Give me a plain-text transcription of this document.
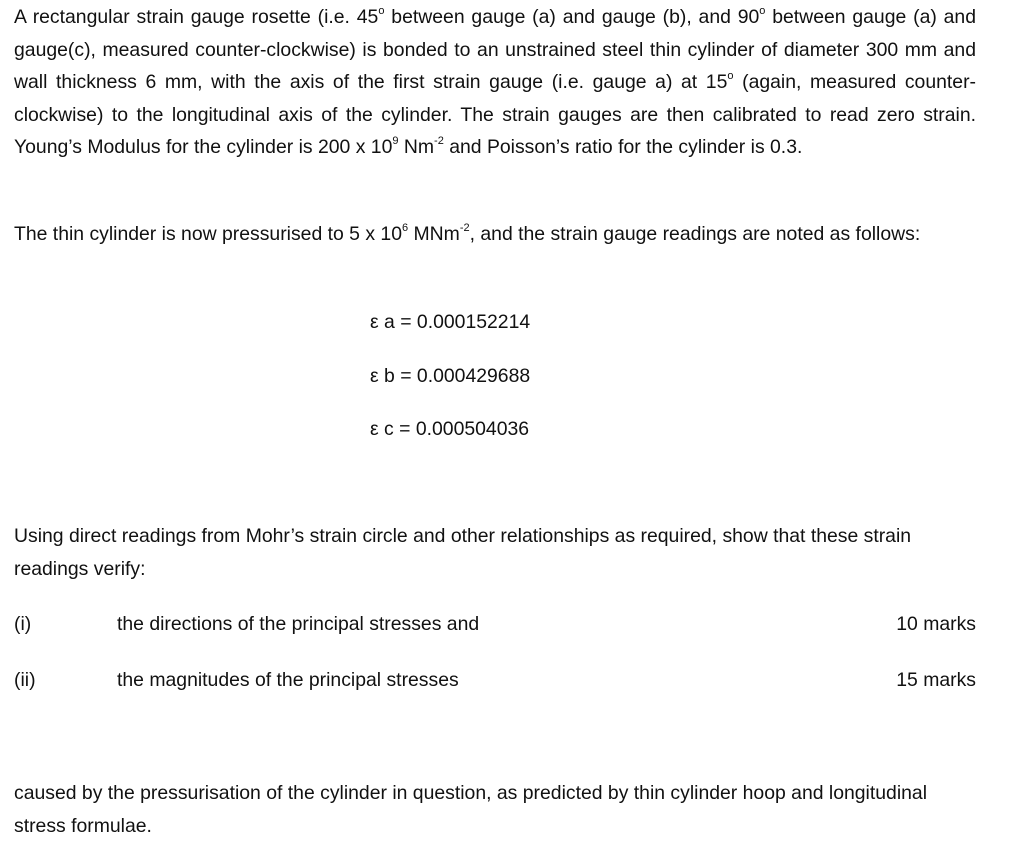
A rectangular strain gauge rosette (i.e. 45$^o$ between gauge (a) and gauge (b), and 90$^o$ between gauge (a) and gauge(c), measured counter-clockwise) is bonded to an unstrained steel thin cylinder of diameter 300 mm and wall thickness 6 mm, with the axis of the first strain gauge (i.e. gauge a) at 15$^o$ (again, measured counter-clockwise) to the longitudinal axis of the cylinder. The strain gauges are then calibrated to read zero strain. Young’s Modulus for the cylinder is 200 x $10^9$ $Nm^{-2}$ and Poisson’s ratio for the cylinder is 0.3.

The thin cylinder is now pressurised to 5 x $10^6$ MNm$^{-2}$, and the strain gauge readings are noted as follows:

ε a = 0.000152214
ε b = 0.000429688
ε c = 0.000504036

Using direct readings from Mohr’s strain circle and other relationships as required, show that these strain readings verify:

(i)	the directions of the principal stresses and	10 marks
(ii)	the magnitudes of the principal stresses	15 marks

caused by the pressurisation of the cylinder in question, as predicted by thin cylinder hoop and longitudinal stress formulae.
